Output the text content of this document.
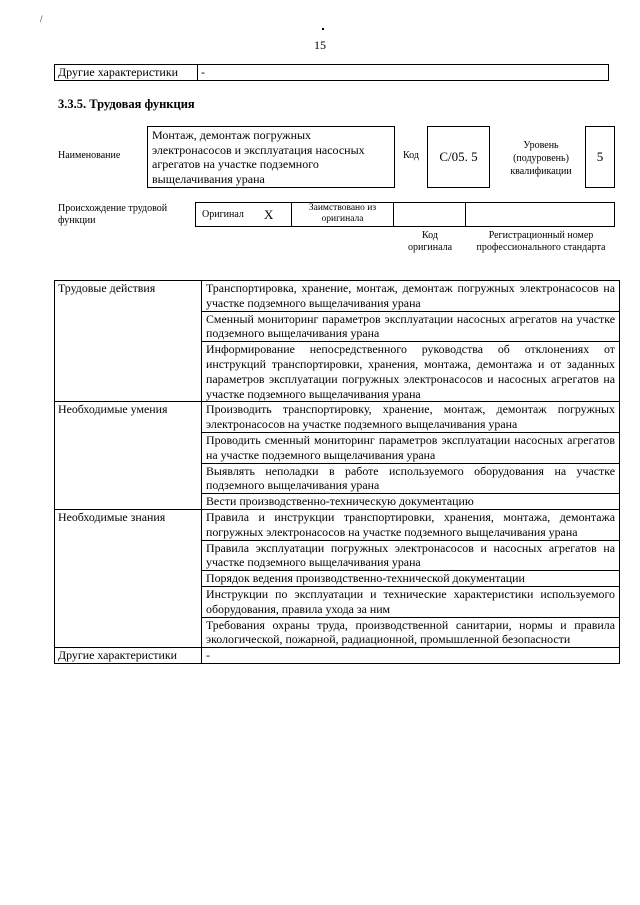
/
15
Другие характеристики	-
3.3.5. Трудовая функция
Наименование
Монтаж, демонтаж погружных электронасосов и эксплуатация насосных агрегатов на участке подземного выщелачивания урана
Код	С/05. 5
Уровень (подуровень) квалификации
5
Происхождение трудовой функции
Оригинал X	Заимствовано из оригинала
Код оригинала
Регистрационный номер профессионального стандарта
Трудовые действия	Транспортировка, хранение, монтаж, демонтаж погружных электронасосов на участке подземного выщелачивания урана
	Сменный мониторинг параметров эксплуатации насосных агрегатов на участке подземного выщелачивания урана
	Информирование непосредственного руководства об отклонениях от инструкций транспортировки, хранения, монтажа, демонтажа и от заданных параметров эксплуатации погружных электронасосов и насосных агрегатов на участке подземного выщелачивания урана
Необходимые умения	Производить транспортировку, хранение, монтаж, демонтаж погружных электронасосов на участке подземного выщелачивания урана
	Проводить сменный мониторинг параметров эксплуатации насосных агрегатов на участке подземного выщелачивания урана
	Выявлять неполадки в работе используемого оборудования на участке подземного выщелачивания урана
	Вести производственно-техническую документацию
Необходимые знания	Правила и инструкции транспортировки, хранения, монтажа, демонтажа погружных электронасосов на участке подземного выщелачивания урана
	Правила эксплуатации погружных электронасосов и насосных агрегатов на участке подземного выщелачивания урана
	Порядок ведения производственно-технической документации
	Инструкции по эксплуатации и технические характеристики используемого оборудования, правила ухода за ним
	Требования охраны труда, производственной санитарии, нормы и правила экологической, пожарной, радиационной, промышленной безопасности
Другие характеристики	-
